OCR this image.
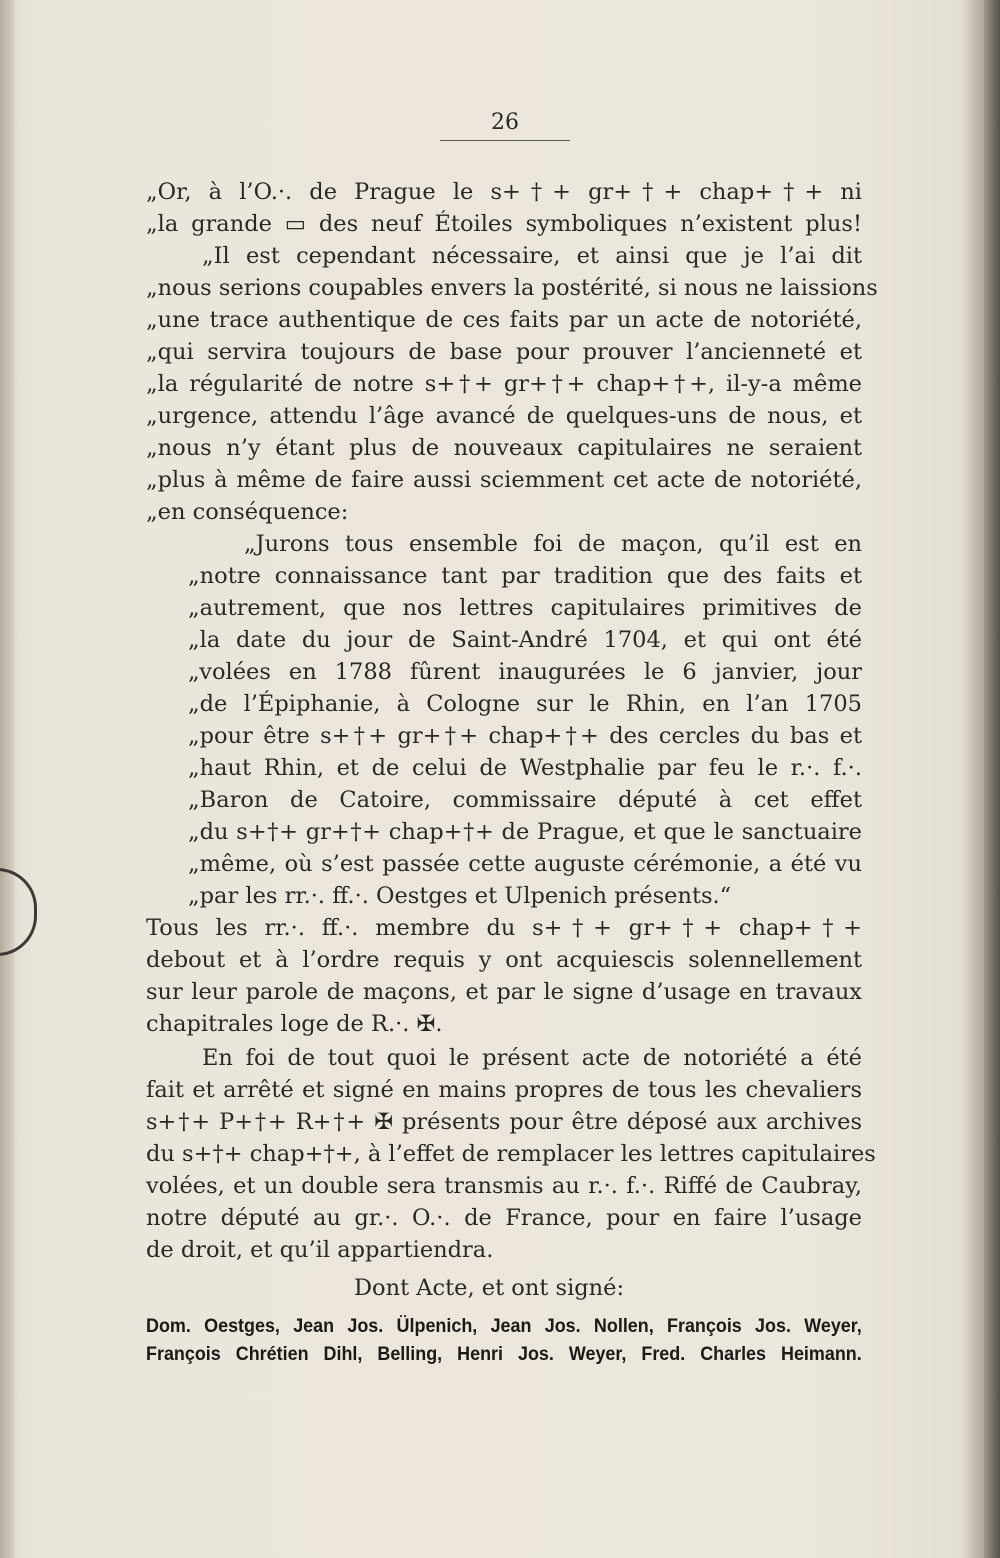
26
„Or, à l’O.·. de Prague le s+†+ gr+†+ chap+†+ ni
„la grande ▭ des neuf Étoiles symboliques n’existent plus!
„Il est cependant nécessaire, et ainsi que je l’ai dit
„nous serions coupables envers la postérité, si nous ne laissions
„une trace authentique de ces faits par un acte de notoriété,
„qui servira toujours de base pour prouver l’ancienneté et
„la régularité de notre s+†+ gr+†+ chap+†+, il-y-a même
„urgence, attendu l’âge avancé de quelques-uns de nous, et
„nous n’y étant plus de nouveaux capitulaires ne seraient
„plus à même de faire aussi sciemment cet acte de notoriété,
„en conséquence:
„Jurons tous ensemble foi de maçon, qu’il est en
„notre connaissance tant par tradition que des faits et
„autrement, que nos lettres capitulaires primitives de
„la date du jour de Saint-André 1704, et qui ont été
„volées en 1788 fûrent inaugurées le 6 janvier, jour
„de l’Épiphanie, à Cologne sur le Rhin, en l’an 1705
„pour être s+†+ gr+†+ chap+†+ des cercles du bas et
„haut Rhin, et de celui de Westphalie par feu le r.·. f.·.
„Baron de Catoire, commissaire député à cet effet
„du s+†+ gr+†+ chap+†+ de Prague, et que le sanctuaire
„même, où s’est passée cette auguste cérémonie, a été vu
„par les rr.·. ff.·. Oestges et Ulpenich présents.“
Tous les rr.·. ff.·. membre du s+†+ gr+†+ chap+†+
debout et à l’ordre requis y ont acquiescis solennellement
sur leur parole de maçons, et par le signe d’usage en travaux
chapitrales loge de R.·. ✠.
En foi de tout quoi le présent acte de notoriété a été
fait et arrêté et signé en mains propres de tous les chevaliers
s+†+ P+†+ R+†+ ✠ présents pour être déposé aux archives
du s+†+ chap+†+, à l’effet de remplacer les lettres capitulaires
volées, et un double sera transmis au r.·. f.·. Riffé de Caubray,
notre député au gr.·. O.·. de France, pour en faire l’usage
de droit, et qu’il appartiendra.
Dont Acte, et ont signé:
Dom. Oestges, Jean Jos. Ülpenich, Jean Jos. Nollen, François Jos. Weyer,
François Chrétien Dihl, Belling, Henri Jos. Weyer, Fred. Charles Heimann.
